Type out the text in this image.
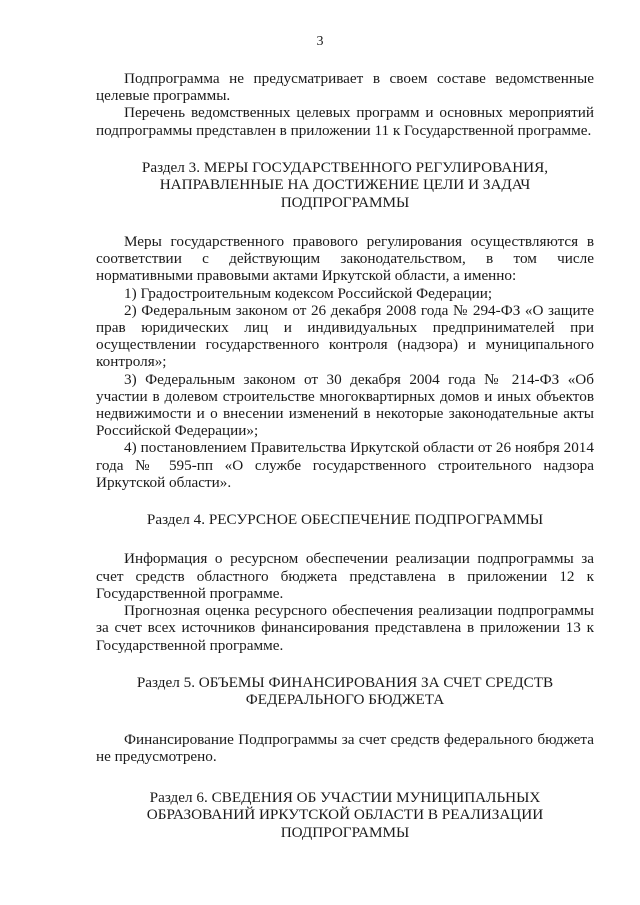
3

Подпрограмма не предусматривает в своем составе ведомственные целевые программы.

Перечень ведомственных целевых программ и основных мероприятий подпрограммы представлен в приложении 11 к Государственной программе.

Раздел 3. МЕРЫ ГОСУДАРСТВЕННОГО РЕГУЛИРОВАНИЯ,
НАПРАВЛЕННЫЕ НА ДОСТИЖЕНИЕ ЦЕЛИ И ЗАДАЧ
ПОДПРОГРАММЫ

Меры государственного правового регулирования осуществляются в соответствии с действующим законодательством, в том числе нормативными правовыми актами Иркутской области, а именно:

1) Градостроительным кодексом Российской Федерации;

2) Федеральным законом от 26 декабря 2008 года № 294-ФЗ «О защите прав юридических лиц и индивидуальных предпринимателей при осуществлении государственного контроля (надзора) и муниципального контроля»;

3) Федеральным законом от 30 декабря 2004 года № 214-ФЗ «Об участии в долевом строительстве многоквартирных домов и иных объектов недвижимости и о внесении изменений в некоторые законодательные акты Российской Федерации»;

4) постановлением Правительства Иркутской области от 26 ноября 2014 года № 595-пп «О службе государственного строительного надзора Иркутской области».

Раздел 4. РЕСУРСНОЕ ОБЕСПЕЧЕНИЕ ПОДПРОГРАММЫ

Информация о ресурсном обеспечении реализации подпрограммы за счет средств областного бюджета представлена в приложении 12 к Государственной программе.

Прогнозная оценка ресурсного обеспечения реализации подпрограммы за счет всех источников финансирования представлена в приложении 13 к Государственной программе.

Раздел 5. ОБЪЕМЫ ФИНАНСИРОВАНИЯ ЗА СЧЕТ СРЕДСТВ
ФЕДЕРАЛЬНОГО БЮДЖЕТА

Финансирование Подпрограммы за счет средств федерального бюджета не предусмотрено.

Раздел 6. СВЕДЕНИЯ ОБ УЧАСТИИ МУНИЦИПАЛЬНЫХ
ОБРАЗОВАНИЙ ИРКУТСКОЙ ОБЛАСТИ В РЕАЛИЗАЦИИ
ПОДПРОГРАММЫ
